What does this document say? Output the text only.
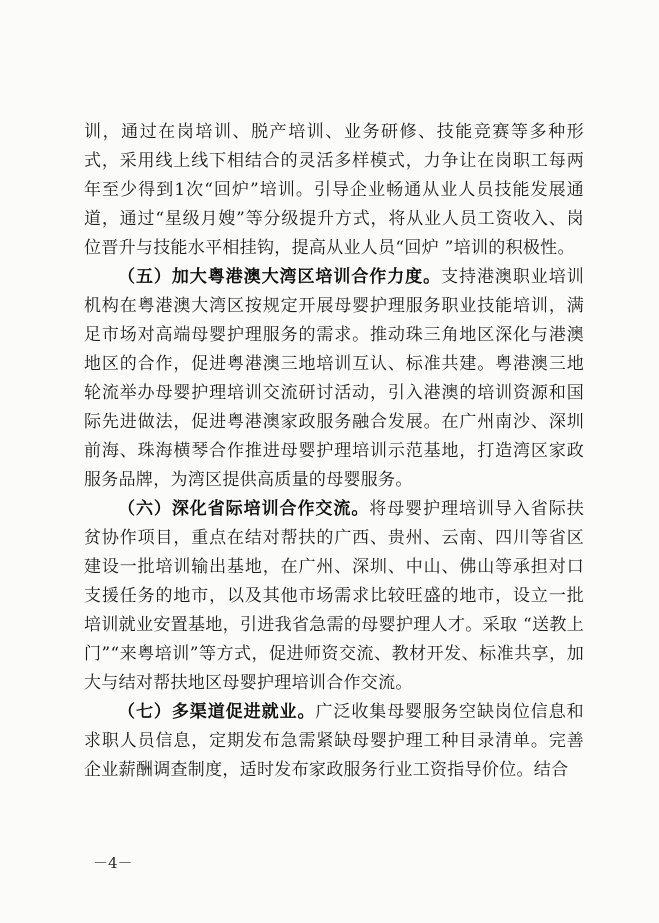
训，通过在岗培训、脱产培训、业务研修、技能竞赛等多种形式，采用线上线下相结合的灵活多样模式，力争让在岗职工每两年至少得到1次“回炉”培训。引导企业畅通从业人员技能发展通道，通过“星级月嫂”等分级提升方式，将从业人员工资收入、岗位晋升与技能水平相挂钩，提高从业人员“回炉 ”培训的积极性。

（五）加大粤港澳大湾区培训合作力度。支持港澳职业培训机构在粤港澳大湾区按规定开展母婴护理服务职业技能培训，满足市场对高端母婴护理服务的需求。推动珠三角地区深化与港澳地区的合作，促进粤港澳三地培训互认、标准共建。粤港澳三地轮流举办母婴护理培训交流研讨活动，引入港澳的培训资源和国际先进做法，促进粤港澳家政服务融合发展。在广州南沙、深圳前海、珠海横琴合作推进母婴护理培训示范基地，打造湾区家政服务品牌，为湾区提供高质量的母婴服务。

（六）深化省际培训合作交流。将母婴护理培训导入省际扶贫协作项目，重点在结对帮扶的广西、贵州、云南、四川等省区建设一批培训输出基地，在广州、深圳、中山、佛山等承担对口支援任务的地市，以及其他市场需求比较旺盛的地市，设立一批培训就业安置基地，引进我省急需的母婴护理人才。采取 “送教上门”“来粤培训”等方式，促进师资交流、教材开发、标准共享，加大与结对帮扶地区母婴护理培训合作交流。

（七）多渠道促进就业。广泛收集母婴服务空缺岗位信息和求职人员信息，定期发布急需紧缺母婴护理工种目录清单。完善企业薪酬调查制度，适时发布家政服务行业工资指导价位。结合

－4－
